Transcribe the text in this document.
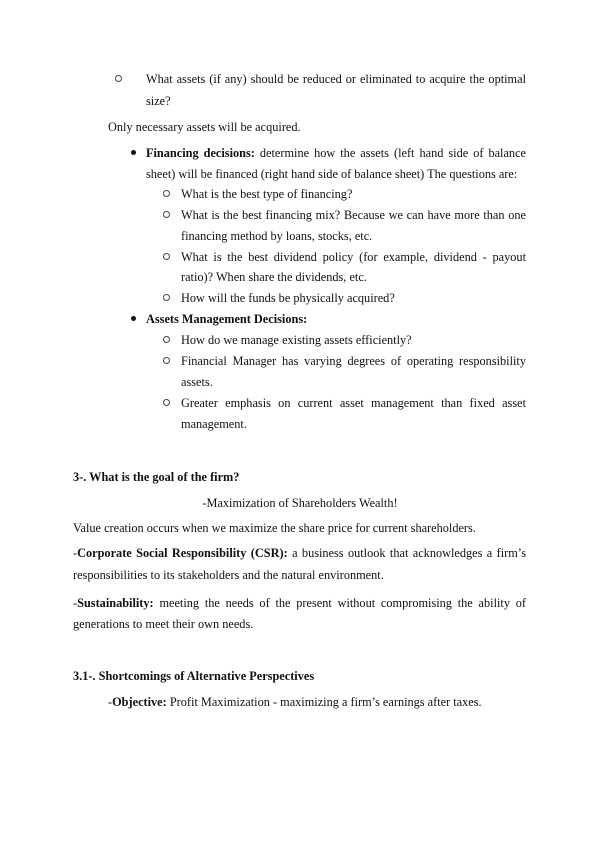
What assets (if any) should be reduced or eliminated to acquire the optimal
size?
Only necessary assets will be acquired.
Financing decisions: determine how the assets (left hand side of balance
sheet) will be financed (right hand side of balance sheet) The questions are:
What is the best type of financing?
What is the best financing mix? Because we can have more than one
financing method by loans, stocks, etc.
What is the best dividend policy (for example, dividend - payout
ratio)? When share the dividends, etc.
How will the funds be physically acquired?
Assets Management Decisions:
How do we manage existing assets efficiently?
Financial Manager has varying degrees of operating responsibility
assets.
Greater emphasis on current asset management than fixed asset
management.
3-. What is the goal of the firm?
-Maximization of Shareholders Wealth!
Value creation occurs when we maximize the share price for current shareholders.
-Corporate Social Responsibility (CSR): a business outlook that acknowledges a firm’s
responsibilities to its stakeholders and the natural environment.
-Sustainability: meeting the needs of the present without compromising the ability of
generations to meet their own needs.
3.1-. Shortcomings of Alternative Perspectives
-Objective: Profit Maximization - maximizing a firm’s earnings after taxes.
